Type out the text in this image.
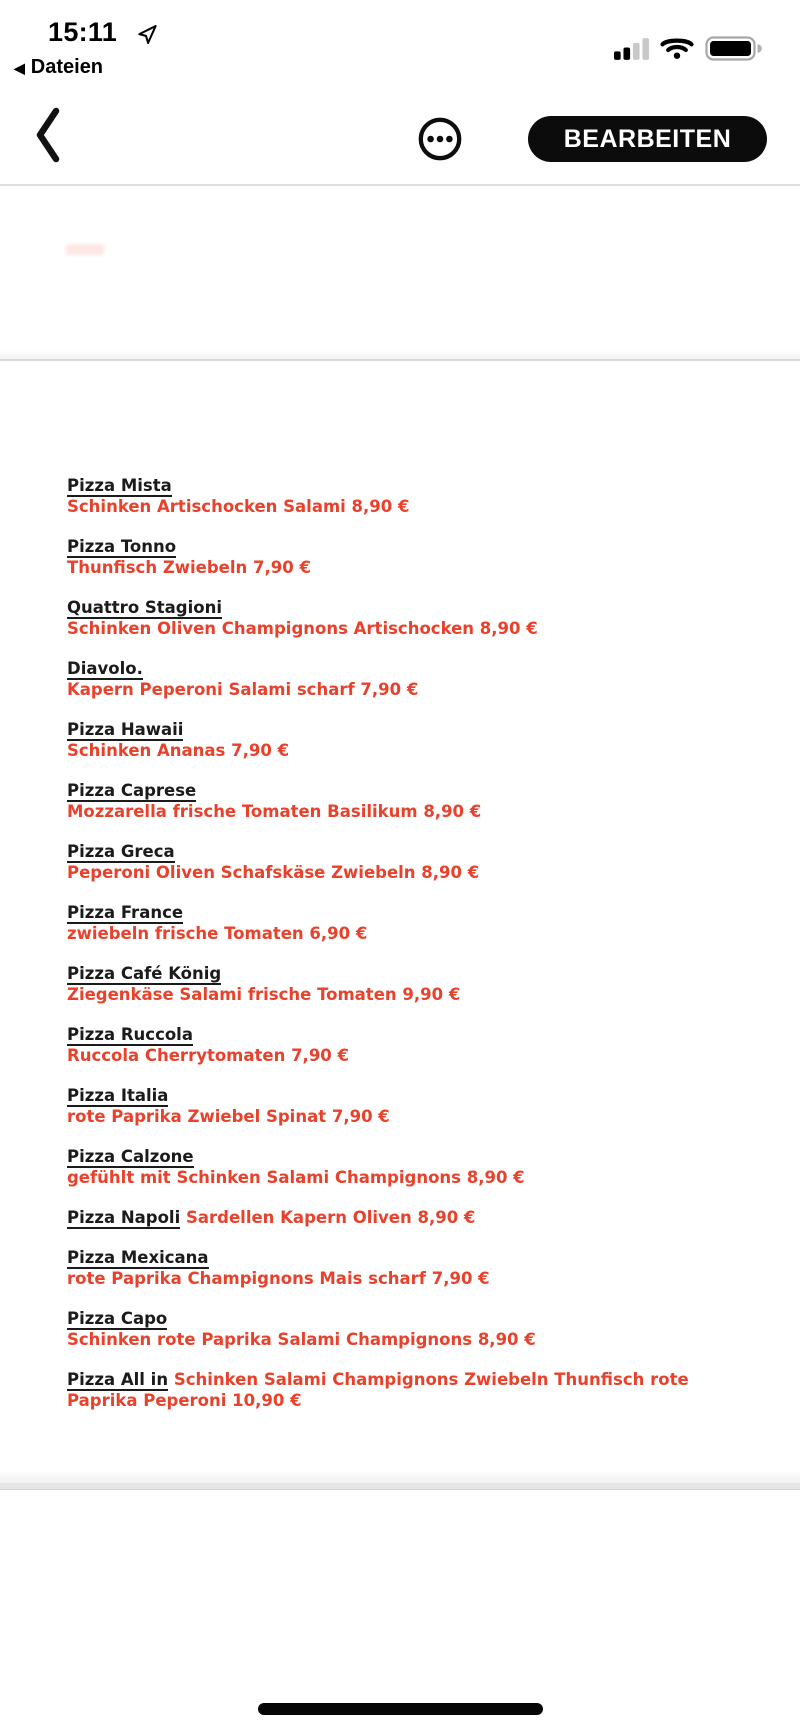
15:11
◀ Dateien
BEARBEITEN

Pizza Mista
Schinken Artischocken Salami 8,90 €

Pizza Tonno
Thunfisch Zwiebeln 7,90 €

Quattro Stagioni
Schinken Oliven Champignons Artischocken 8,90 €

Diavolo.
Kapern Peperoni Salami scharf 7,90 €

Pizza Hawaii
Schinken Ananas 7,90 €

Pizza Caprese
Mozzarella frische Tomaten Basilikum 8,90 €

Pizza Greca
Peperoni Oliven Schafskäse Zwiebeln 8,90 €

Pizza France
zwiebeln frische Tomaten 6,90 €

Pizza Café König
Ziegenkäse Salami frische Tomaten 9,90 €

Pizza Ruccola
Ruccola Cherrytomaten 7,90 €

Pizza Italia
rote Paprika Zwiebel Spinat 7,90 €

Pizza Calzone
gefühlt mit Schinken Salami Champignons 8,90 €

Pizza Napoli Sardellen Kapern Oliven 8,90 €

Pizza Mexicana
rote Paprika Champignons Mais scharf 7,90 €

Pizza Capo
Schinken rote Paprika Salami Champignons 8,90 €

Pizza All in Schinken Salami Champignons Zwiebeln Thunfisch rote Paprika Peperoni 10,90 €
